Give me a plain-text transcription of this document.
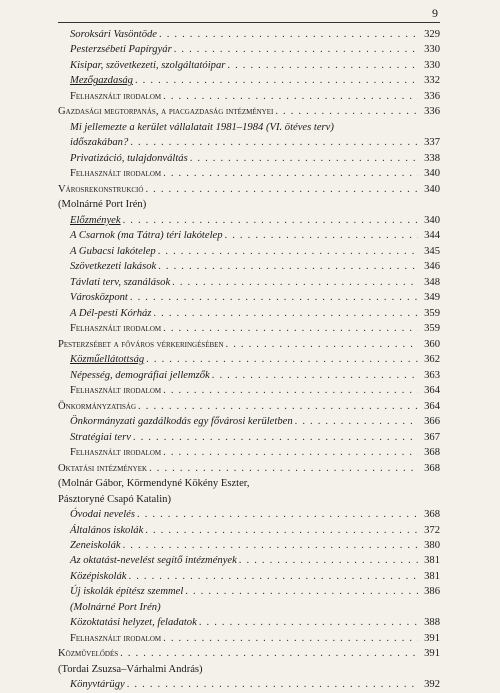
9
Soroksári Vasöntöde . . .	329
Pesterzsébeti Papírgyár . . .	330
Kisipar, szövetkezeti, szolgáltatóipar . . .	330
Mezőgazdaság . . .	332
Felhasznált irodalom . . .	336
Gazdasági megtorpanás, a piacgazdaság intézményei . . .	336
Mi jellemezte a kerület vállalatait 1981–1984 (VI. ötéves terv)
időszakában? . . .	337
Privatizáció, tulajdonváltás . . .	338
Felhasznált irodalom . . .	340
Városrekonstrukció . . .	340
(Molnárné Port Irén)
Előzmények . . .	340
A Csarnok (ma Tátra) téri lakótelep . . .	344
A Gubacsi lakótelep . . .	345
Szövetkezeti lakások . . .	346
Távlati terv, szanálások . . .	348
Városközpont . . .	349
A Dél-pesti Kórház . . .	359
Felhasznált irodalom . . .	359
Pesterzsébet a főváros vérkeringésében . . .	360
Közműellátottság . . .	362
Népesség, demográfiai jellemzők . . .	363
Felhasznált irodalom . . .	364
Önkormányzatiság . . .	364
Önkormányzati gazdálkodás egy fővárosi kerületben . . .	366
Stratégiai terv . . .	367
Felhasznált irodalom . . .	368
Oktatási intézmények . . .	368
(Molnár Gábor, Körmendyné Kökény Eszter,
Pásztoryné Csapó Katalin)
Óvodai nevelés . . .	368
Általános iskolák . . .	372
Zeneiskolák . . .	380
Az oktatást-nevelést segítő intézmények . . .	381
Középiskolák . . .	381
Új iskolák építész szemmel . . .	386
(Molnárné Port Irén)
Közoktatási helyzet, feladatok . . .	388
Felhasznált irodalom . . .	391
Közművelődés . . .	391
(Tordai Zsuzsa–Várhalmi András)
Könyvtárügy . . .	392
